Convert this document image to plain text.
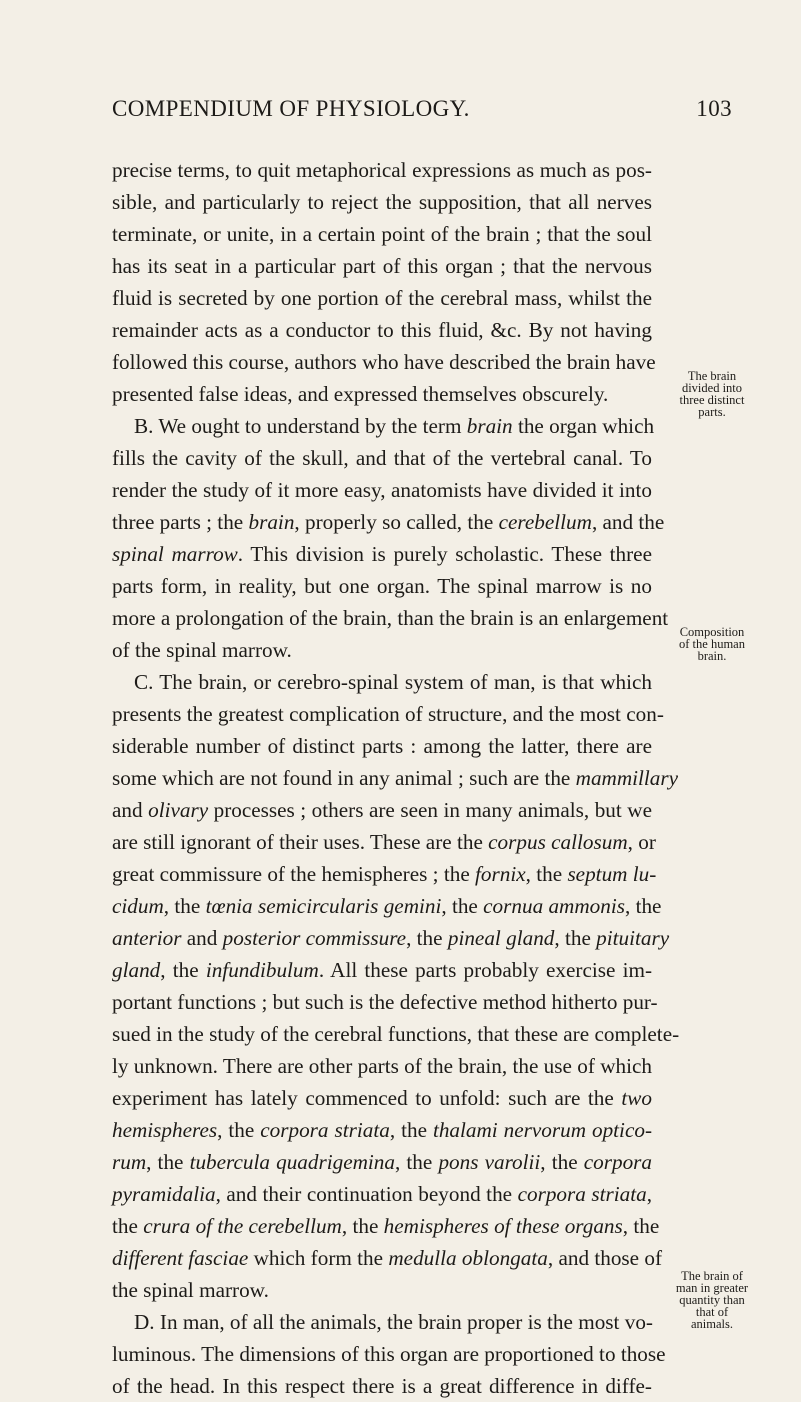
COMPENDIUM OF PHYSIOLOGY.	103
precise terms, to quit metaphorical expressions as much as pos-
sible, and particularly to reject the supposition, that all nerves
terminate, or unite, in a certain point of the brain ; that the soul
has its seat in a particular part of this organ ; that the nervous
fluid is secreted by one portion of the cerebral mass, whilst the
remainder acts as a conductor to this fluid, &c. By not having
followed this course, authors who have described the brain have
presented false ideas, and expressed themselves obscurely.
B. We ought to understand by the term brain the organ which
fills the cavity of the skull, and that of the vertebral canal. To
render the study of it more easy, anatomists have divided it into
three parts ; the brain, properly so called, the cerebellum, and the
spinal marrow. This division is purely scholastic. These three
parts form, in reality, but one organ. The spinal marrow is no
more a prolongation of the brain, than the brain is an enlargement
of the spinal marrow.
C. The brain, or cerebro-spinal system of man, is that which
presents the greatest complication of structure, and the most con-
siderable number of distinct parts : among the latter, there are
some which are not found in any animal ; such are the mammillary
and olivary processes ; others are seen in many animals, but we
are still ignorant of their uses. These are the corpus callosum, or
great commissure of the hemispheres ; the fornix, the septum lu-
cidum, the tœnia semicircularis gemini, the cornua ammonis, the
anterior and posterior commissure, the pineal gland, the pituitary
gland, the infundibulum. All these parts probably exercise im-
portant functions ; but such is the defective method hitherto pur-
sued in the study of the cerebral functions, that these are complete-
ly unknown. There are other parts of the brain, the use of which
experiment has lately commenced to unfold: such are the two
hemispheres, the corpora striata, the thalami nervorum optico-
rum, the tubercula quadrigemina, the pons varolii, the corpora
pyramidalia, and their continuation beyond the corpora striata,
the crura of the cerebellum, the hemispheres of these organs, the
different fasciae which form the medulla oblongata, and those of
the spinal marrow.
D. In man, of all the animals, the brain proper is the most vo-
luminous. The dimensions of this organ are proportioned to those
of the head. In this respect there is a great difference in diffe-
The brain
divided into
three distinct
parts.
Composition
of the human
brain.
The brain of
man in greater
quantity than
that of
animals.
